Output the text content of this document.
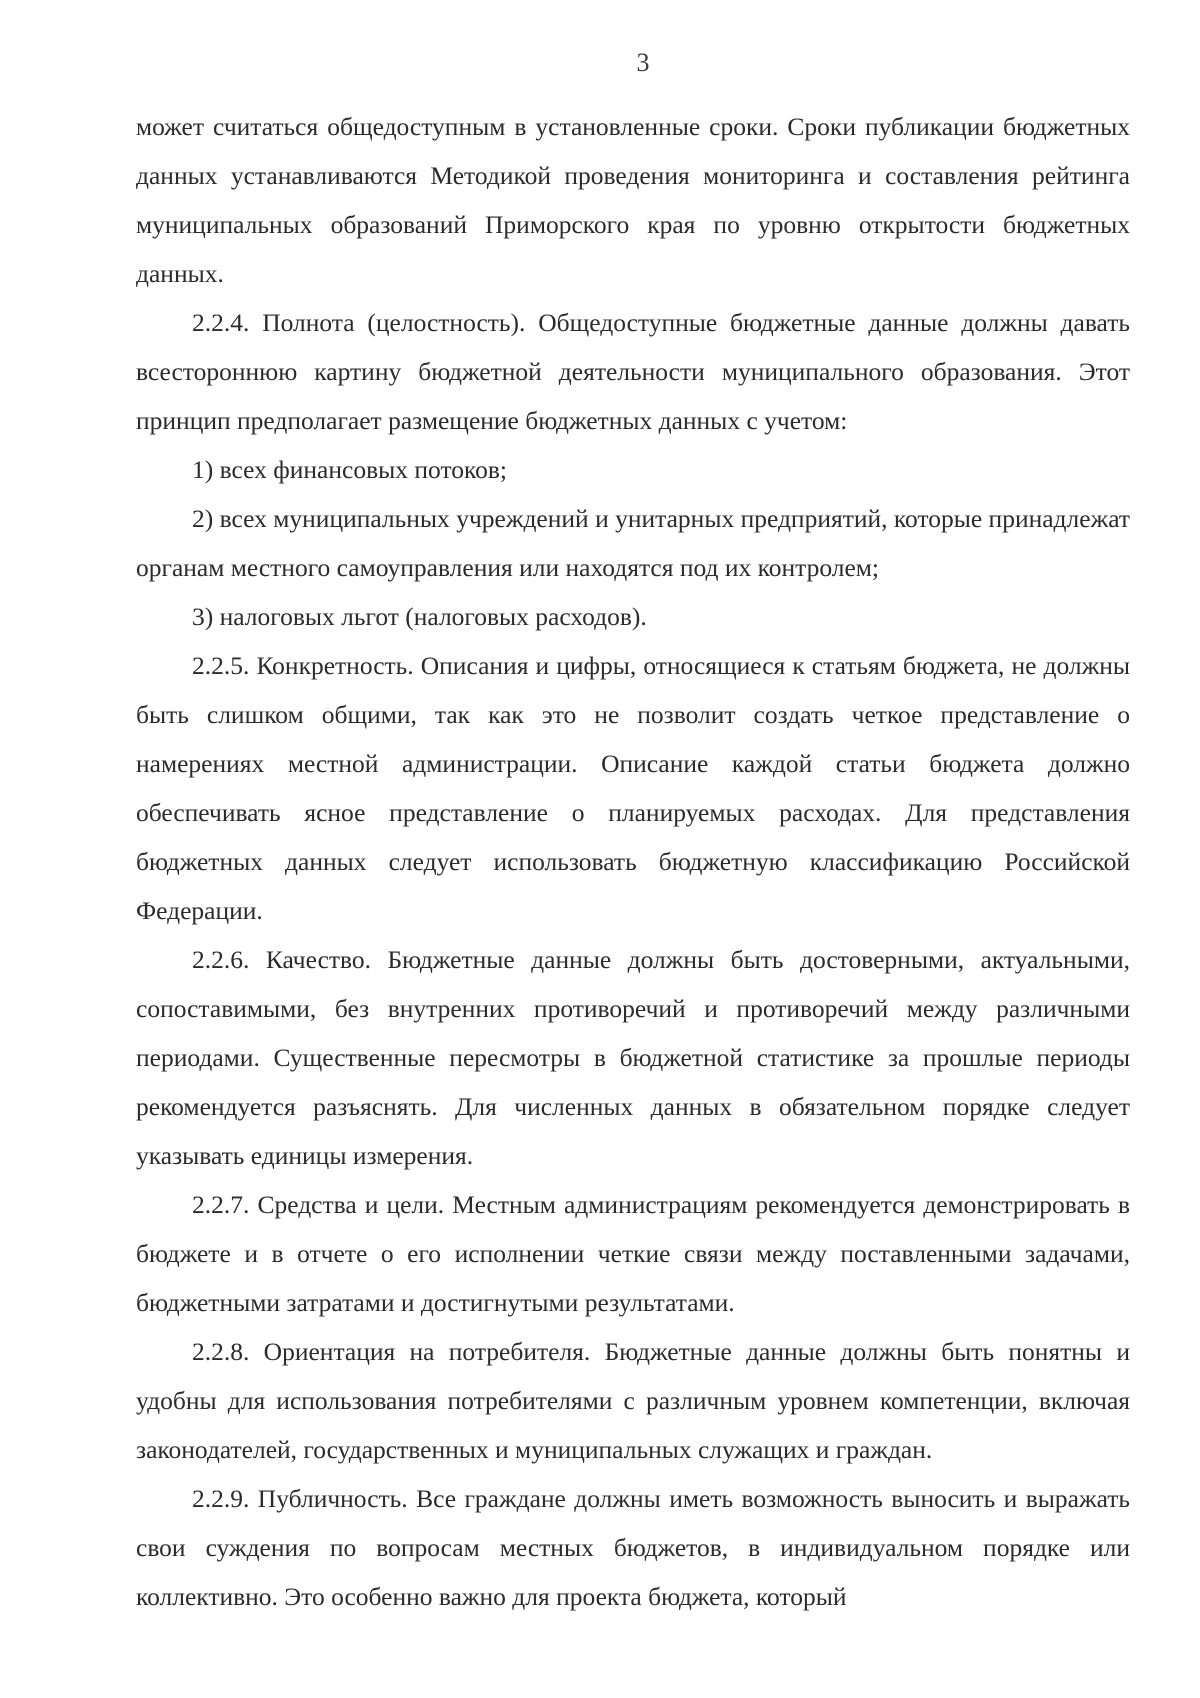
3

может считаться общедоступным в установленные сроки. Сроки публикации бюджетных данных устанавливаются Методикой проведения мониторинга и составления рейтинга муниципальных образований Приморского края по уровню открытости бюджетных данных.

2.2.4. Полнота (целостность). Общедоступные бюджетные данные должны давать всестороннюю картину бюджетной деятельности муниципального образования. Этот принцип предполагает размещение бюджетных данных с учетом:

1) всех финансовых потоков;

2) всех муниципальных учреждений и унитарных предприятий, которые принадлежат органам местного самоуправления или находятся под их контролем;

3) налоговых льгот (налоговых расходов).

2.2.5. Конкретность. Описания и цифры, относящиеся к статьям бюджета, не должны быть слишком общими, так как это не позволит создать четкое представление о намерениях местной администрации. Описание каждой статьи бюджета должно обеспечивать ясное представление о планируемых расходах. Для представления бюджетных данных следует использовать бюджетную классификацию Российской Федерации.

2.2.6. Качество. Бюджетные данные должны быть достоверными, актуальными, сопоставимыми, без внутренних противоречий и противоречий между различными периодами. Существенные пересмотры в бюджетной статистике за прошлые периоды рекомендуется разъяснять. Для численных данных в обязательном порядке следует указывать единицы измерения.

2.2.7. Средства и цели. Местным администрациям рекомендуется демонстрировать в бюджете и в отчете о его исполнении четкие связи между поставленными задачами, бюджетными затратами и достигнутыми результатами.

2.2.8. Ориентация на потребителя. Бюджетные данные должны быть понятны и удобны для использования потребителями с различным уровнем компетенции, включая законодателей, государственных и муниципальных служащих и граждан.

2.2.9. Публичность. Все граждане должны иметь возможность выносить и выражать свои суждения по вопросам местных бюджетов, в индивидуальном порядке или коллективно. Это особенно важно для проекта бюджета, который
